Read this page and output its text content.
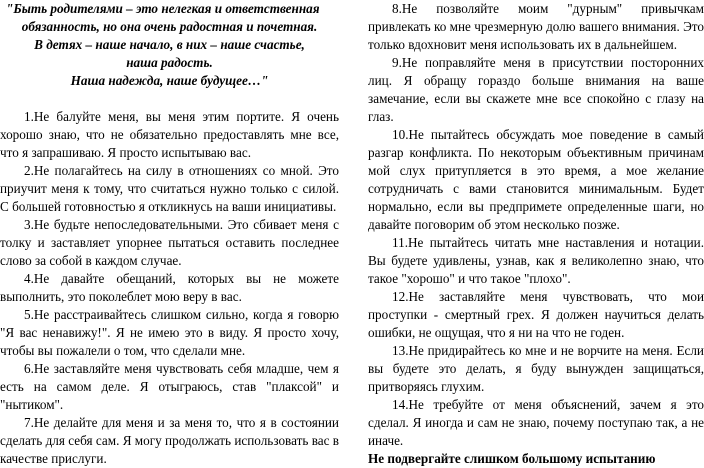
"Быть родителями – это нелегкая и ответственная
обязанность, но она очень радостная и почетная.
В детях – наше начало, в них – наше счастье,
наша радость.
Наша надежда, наше будущее…"

1.Не балуйте меня, вы меня этим портите. Я очень хорошо знаю, что не обязательно предоставлять мне все, что я запрашиваю. Я просто испытываю вас.

2.Не полагайтесь на силу в отношениях со мной. Это приучит меня к тому, что считаться нужно только с силой. С большей готовностью я откликнусь на ваши инициативы.

3.Не будьте непоследовательными. Это сбивает меня с толку и заставляет упорнее пытаться оставить последнее слово за собой в каждом случае.

4.Не давайте обещаний, которых вы не можете выполнить, это поколеблет мою веру в вас.

5.Не расстраивайтесь слишком сильно, когда я говорю "Я вас ненавижу!". Я не имею это в виду. Я просто хочу, чтобы вы пожалели о том, что сделали мне.

6.Не заставляйте меня чувствовать себя младше, чем я есть на самом деле. Я отыграюсь, став "плаксой" и "нытиком".

7.Не делайте для меня и за меня то, что я в состоянии сделать для себя сам. Я могу продолжать использовать вас в качестве прислуги.

8.Не позволяйте моим "дурным" привычкам привлекать ко мне чрезмерную долю вашего внимания. Это только вдохновит меня использовать их в дальнейшем.

9.Не поправляйте меня в присутствии посторонних лиц. Я обращу гораздо больше внимания на ваше замечание, если вы скажете мне все спокойно с глазу на глаз.

10.Не пытайтесь обсуждать мое поведение в самый разгар конфликта. По некоторым объективным причинам мой слух притупляется в это время, а мое желание сотрудничать с вами становится минимальным. Будет нормально, если вы предпримете определенные шаги, но давайте поговорим об этом несколько позже.

11.Не пытайтесь читать мне наставления и нотации. Вы будете удивлены, узнав, как я великолепно знаю, что такое "хорошо" и что такое "плохо".

12.Не заставляйте меня чувствовать, что мои проступки - смертный грех. Я должен научиться делать ошибки, не ощущая, что я ни на что не годен.

13.Не придирайтесь ко мне и не ворчите на меня. Если вы будете это делать, я буду вынужден защищаться, притворяясь глухим.

14.Не требуйте от меня объяснений, зачем я это сделал. Я иногда и сам не знаю, почему поступаю так, а не иначе.

Не подвергайте слишком большому испытанию
